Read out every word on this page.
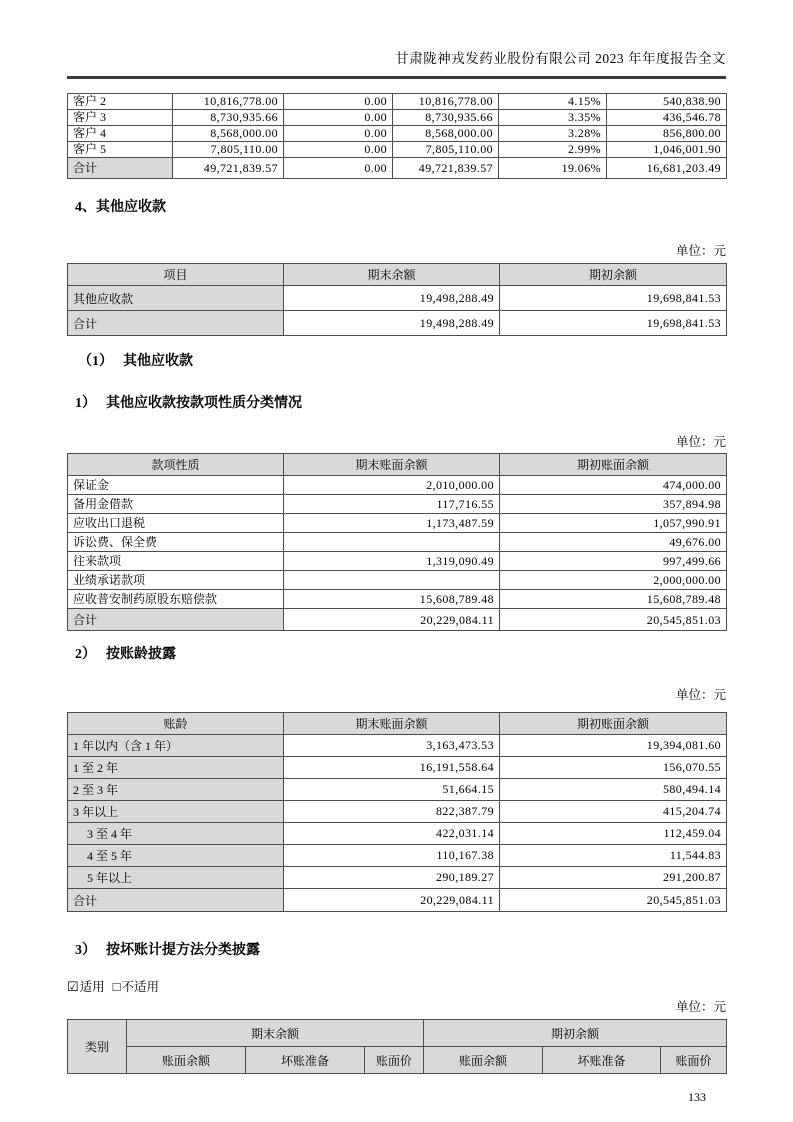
甘肃陇神戎发药业股份有限公司 2023 年年度报告全文
客户 2	10,816,778.00	0.00	10,816,778.00	4.15%	540,838.90
客户 3	8,730,935.66	0.00	8,730,935.66	3.35%	436,546.78
客户 4	8,568,000.00	0.00	8,568,000.00	3.28%	856,800.00
客户 5	7,805,110.00	0.00	7,805,110.00	2.99%	1,046,001.90
合计	49,721,839.57	0.00	49,721,839.57	19.06%	16,681,203.49
4、其他应收款
单位：元
项目	期末余额	期初余额
其他应收款	19,498,288.49	19,698,841.53
合计	19,498,288.49	19,698,841.53
（1） 其他应收款
1） 其他应收款按款项性质分类情况
单位：元
款项性质	期末账面余额	期初账面余额
保证金	2,010,000.00	474,000.00
备用金借款	117,716.55	357,894.98
应收出口退税	1,173,487.59	1,057,990.91
诉讼费、保全费		49,676.00
往来款项	1,319,090.49	997,499.66
业绩承诺款项		2,000,000.00
应收普安制药原股东赔偿款	15,608,789.48	15,608,789.48
合计	20,229,084.11	20,545,851.03
2） 按账龄披露
单位：元
账龄	期末账面余额	期初账面余额
1 年以内（含 1 年）	3,163,473.53	19,394,081.60
1 至 2 年	16,191,558.64	156,070.55
2 至 3 年	51,664.15	580,494.14
3 年以上	822,387.79	415,204.74
3 至 4 年	422,031.14	112,459.04
4 至 5 年	110,167.38	11,544.83
5 年以上	290,189.27	291,200.87
合计	20,229,084.11	20,545,851.03
3） 按坏账计提方法分类披露
☑适用 □不适用
单位：元
类别	期末余额			期初余额		
	账面余额	坏账准备	账面价	账面余额	坏账准备	账面价
133
